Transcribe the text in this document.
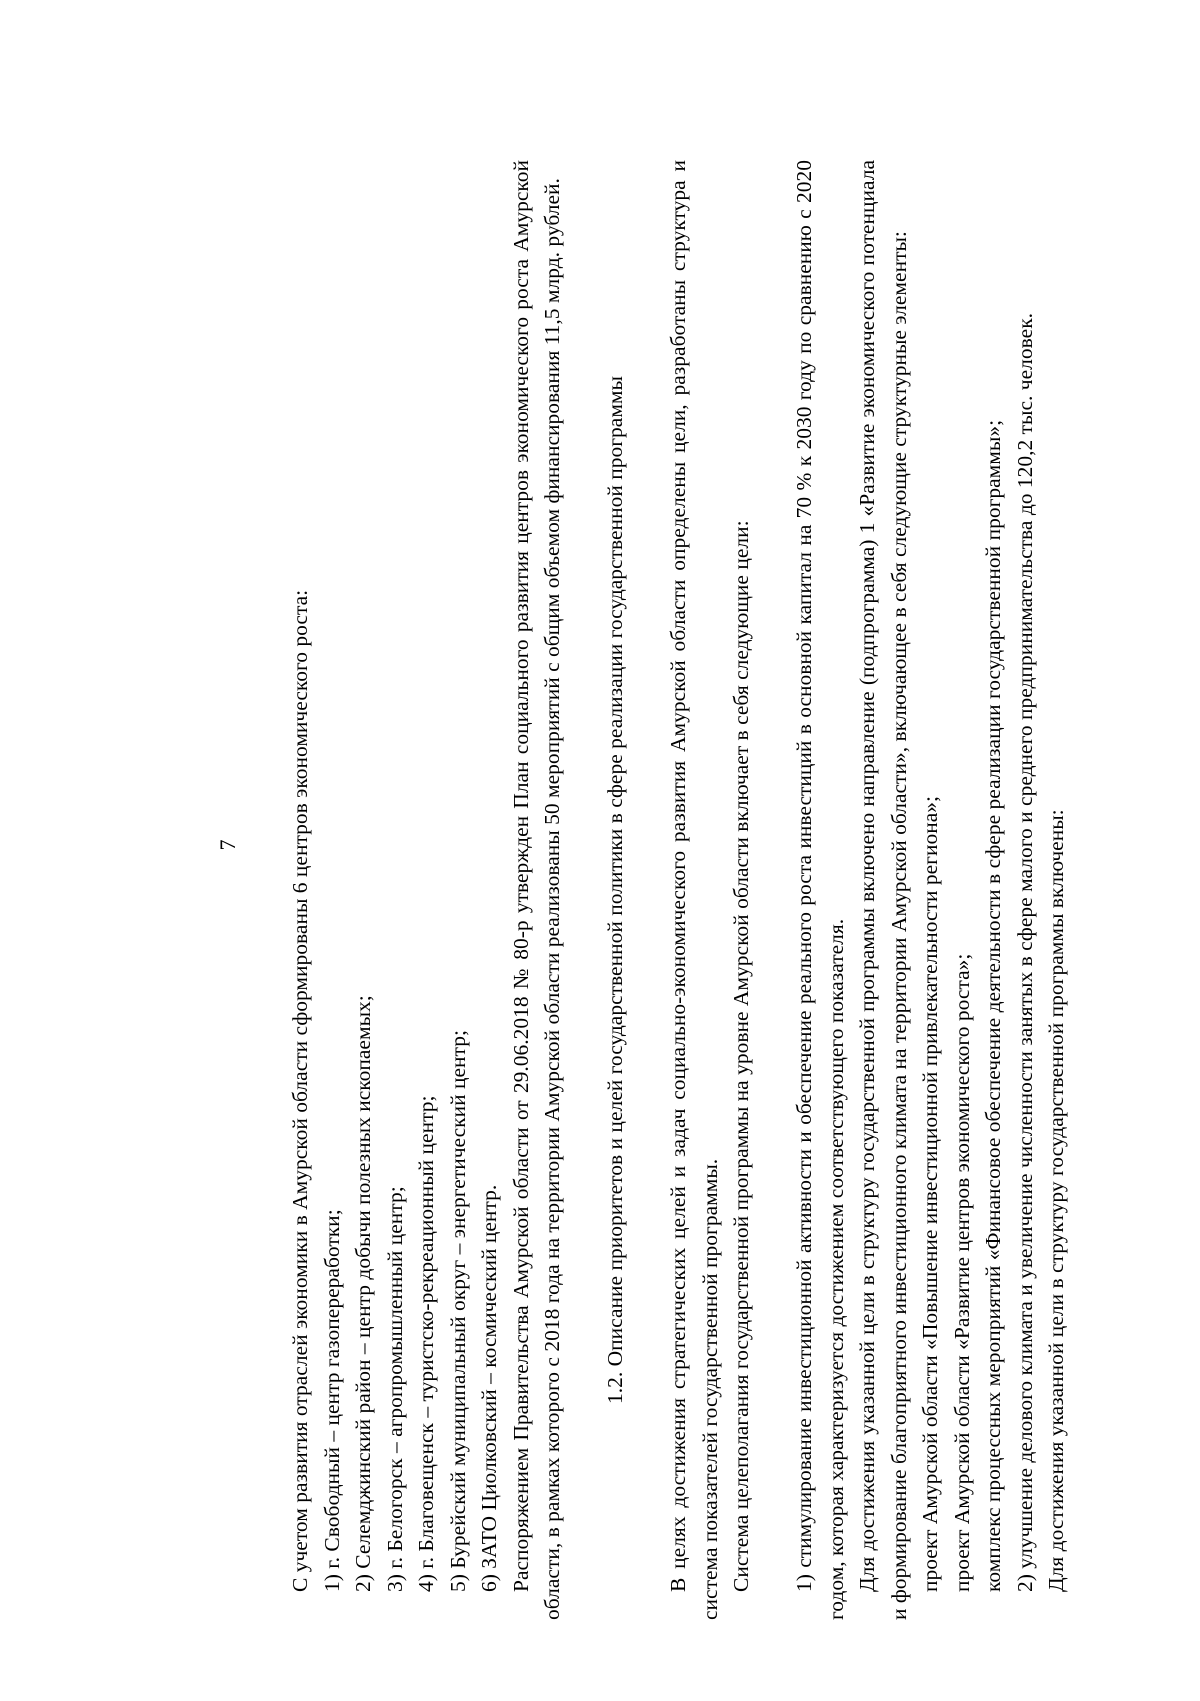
7 С учетом развития отраслей экономики в Амурской области сформированы 6 центров экономического роста: 1) г. Свободный – центр газопереработки; 2) Селемджинский район – центр добычи полезных ископаемых; 3) г. Белогорск – агропромышленный центр; 4) г. Благовещенск – туристско-рекреационный центр; 5) Бурейский муниципальный округ – энергетический центр; 6) ЗАТО Циолковский – космический центр. Распоряжением Правительства Амурской области от 29.06.2018 № 80-р утвержден План социального развития центров экономического роста Амурской области, в рамках которого с 2018 года на территории Амурской области реализованы 50 мероприятий с общим объемом финансирования 11,5 млрд. рублей. 1.2. Описание приоритетов и целей государственной политики в сфере реализации государственной программы В целях достижения стратегических целей и задач социально-экономического развития Амурской области определены цели, разработаны структура и система показателей государственной программы. Система целеполагания государственной программы на уровне Амурской области включает в себя следующие цели: 1) стимулирование инвестиционной активности и обеспечение реального роста инвестиций в основной капитал на 70 % к 2030 году по сравнению с 2020 годом, которая характеризуется достижением соответствующего показателя. Для достижения указанной цели в структуру государственной программы включено направление (подпрограмма) 1 «Развитие экономического потенциала и формирование благоприятного инвестиционного климата на территории Амурской области», включающее в себя следующие структурные элементы: проект Амурской области «Повышение инвестиционной привлекательности региона»; проект Амурской области «Развитие центров экономического роста»; комплекс процессных мероприятий «Финансовое обеспечение деятельности в сфере реализации государственной программы»; 2) улучшение делового климата и увеличение численности занятых в сфере малого и среднего предпринимательства до 120,2 тыс. человек. Для достижения указанной цели в структуру государственной программы включены:
